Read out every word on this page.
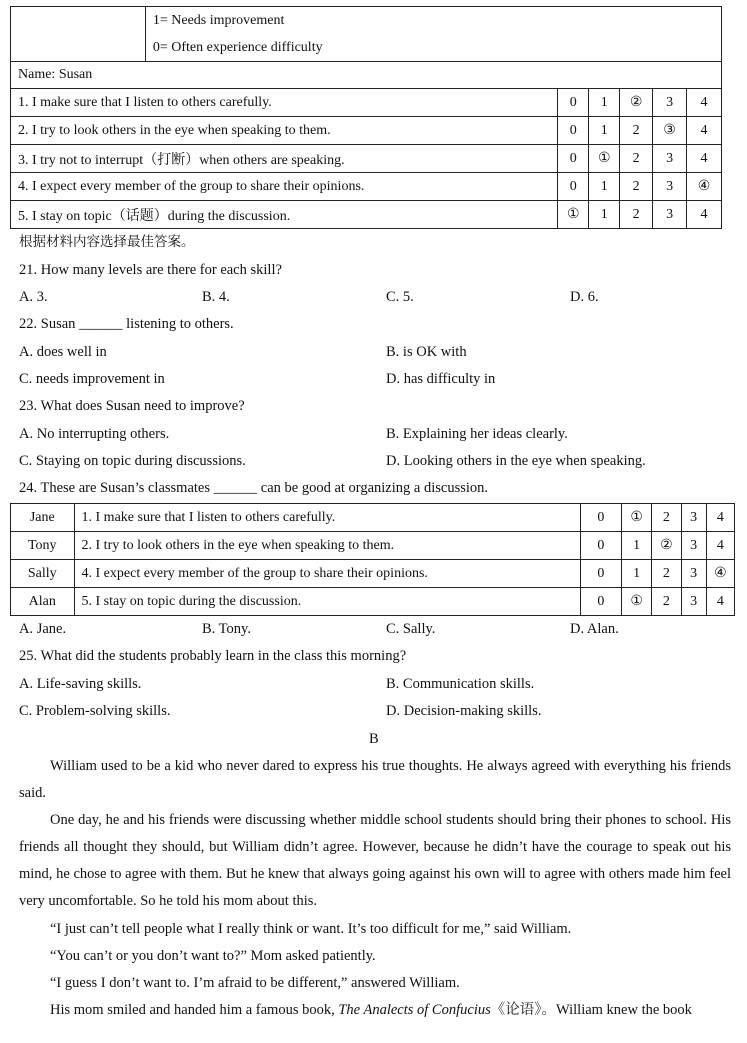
	1= Needs improvement
0= Often experience difficulty					

Name: Susan						
1. I make sure that I listen to others carefully.		0	1	②	3	4
2. I try to look others in the eye when speaking to them.		0	1	2	③	4
3. I try not to interrupt（打断）when others are speaking.		0	①	2	3	4
4. I expect every member of the group to share their opinions.		0	1	2	3	④
5. I stay on topic（话题）during the discussion.		①	1	2	3	4
根据材料内容选择最佳答案。
21. How many levels are there for each skill?
A. 3.	B. 4.	C. 5.	D. 6.
22. Susan ______ listening to others.
A. does well in	B. is OK with
C. needs improvement in	D. has difficulty in
23. What does Susan need to improve?
A. No interrupting others.	B. Explaining her ideas clearly.
C. Staying on topic during discussions.	D. Looking others in the eye when speaking.
24. These are Susan’s classmates ______ can be good at organizing a discussion.
Jane	1. I make sure that I listen to others carefully.	0	①	2	3	4
Tony	2. I try to look others in the eye when speaking to them.	0	1	②	3	4
Sally	4. I expect every member of the group to share their opinions.	0	1	2	3	④
Alan	5. I stay on topic during the discussion.	0	①	2	3	4
A. Jane.	B. Tony.	C. Sally.	D. Alan.
25. What did the students probably learn in the class this morning?
A. Life-saving skills.	B. Communication skills.
C. Problem-solving skills.	D. Decision-making skills.
B
William used to be a kid who never dared to express his true thoughts. He always agreed with everything his friends said.
One day, he and his friends were discussing whether middle school students should bring their phones to school. His friends all thought they should, but William didn’t agree. However, because he didn’t have the courage to speak out his mind, he chose to agree with them. But he knew that always going against his own will to agree with others made him feel very uncomfortable. So he told his mom about this.
“I just can’t tell people what I really think or want. It’s too difficult for me,” said William.
“You can’t or you don’t want to?” Mom asked patiently.
“I guess I don’t want to. I’m afraid to be different,” answered William.
His mom smiled and handed him a famous book, The Analects of Confucius《论语》。William knew the book
